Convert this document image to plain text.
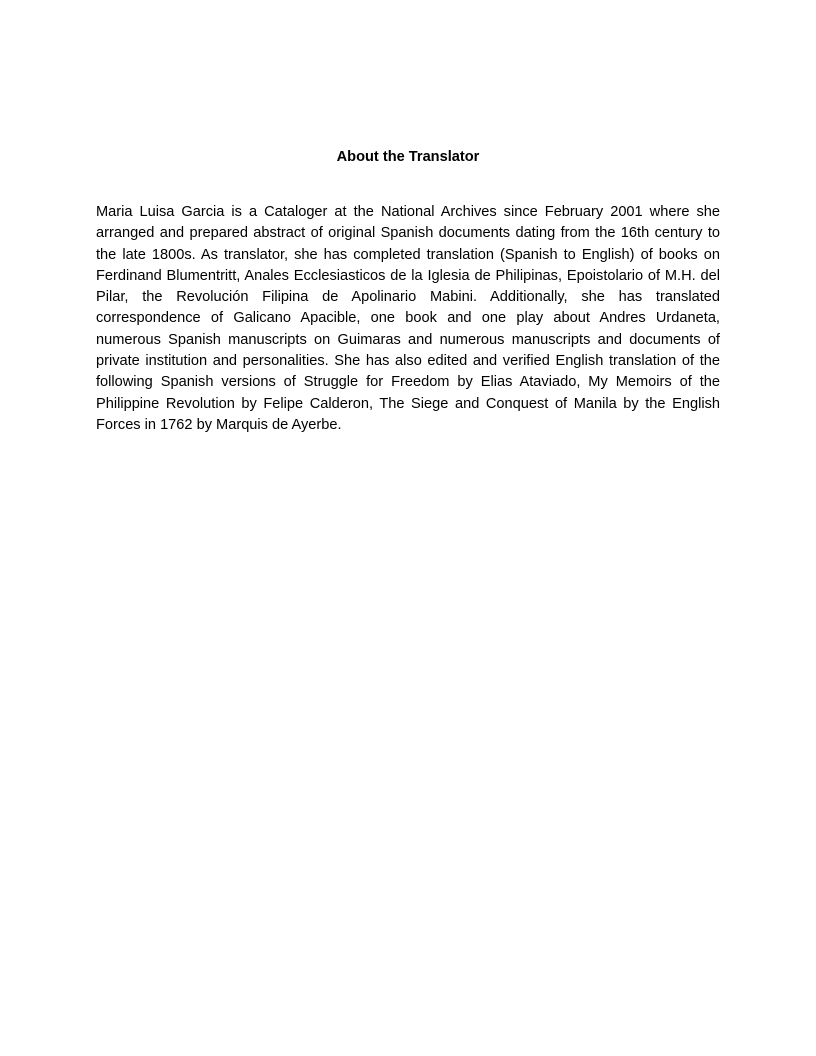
About the Translator

Maria Luisa Garcia is a Cataloger at the National Archives since February 2001 where she arranged and prepared abstract of original Spanish documents dating from the 16th century to the late 1800s. As translator, she has completed translation (Spanish to English) of books on Ferdinand Blumentritt, Anales Ecclesiasticos de la Iglesia de Philipinas, Epoistolario of M.H. del Pilar, the Revolución Filipina de Apolinario Mabini. Additionally, she has translated correspondence of Galicano Apacible, one book and one play about Andres Urdaneta, numerous Spanish manuscripts on Guimaras and numerous manuscripts and documents of private institution and personalities. She has also edited and verified English translation of the following Spanish versions of Struggle for Freedom by Elias Ataviado, My Memoirs of the Philippine Revolution by Felipe Calderon, The Siege and Conquest of Manila by the English Forces in 1762 by Marquis de Ayerbe.
